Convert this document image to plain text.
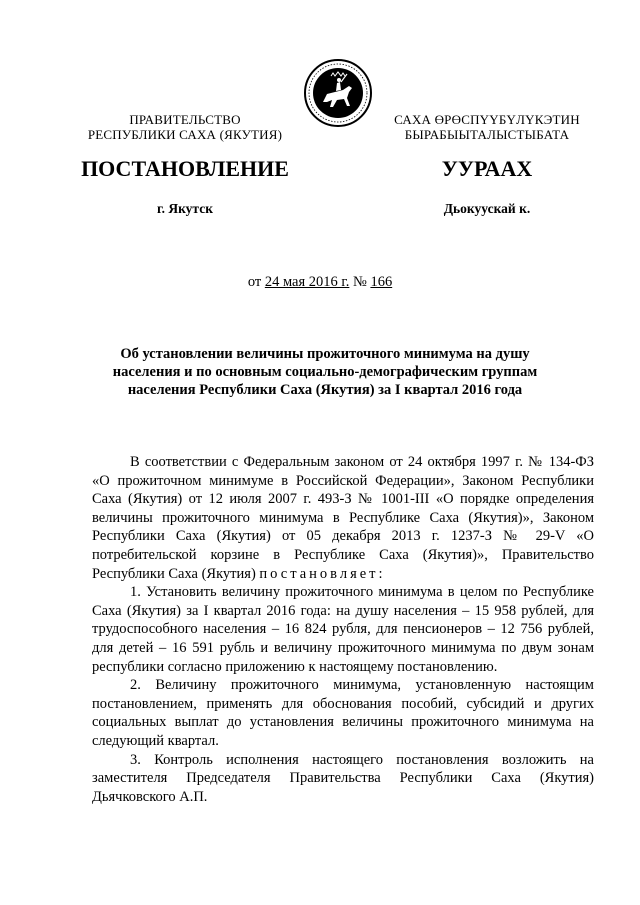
ПРАВИТЕЛЬСТВО
РЕСПУБЛИКИ САХА (ЯКУТИЯ)
САХА ӨРӨСПҮҮБҮЛҮКЭТИН
БЫРАБЫЫТАЛЫСТЫБАТА
ПОСТАНОВЛЕНИЕ	УУРААХ
г. Якутск	Дьокуускай к.
от 24 мая 2016 г. № 166
Об установлении величины прожиточного минимума на душу
населения и по основным социально-демографическим группам
населения Республики Саха (Якутия) за I квартал 2016 года

В соответствии с Федеральным законом от 24 октября 1997 г. № 134-ФЗ «О прожиточном минимуме в Российской Федерации», Законом Республики Саха (Якутия) от 12 июля 2007 г. 493-З № 1001-III «О порядке определения величины прожиточного минимума в Республике Саха (Якутия)», Законом Республики Саха (Якутия) от 05 декабря 2013 г. 1237-З № 29-V «О потребительской корзине в Республике Саха (Якутия)», Правительство Республики Саха (Якутия) постановляет:

1. Установить величину прожиточного минимума в целом по Республике Саха (Якутия) за I квартал 2016 года: на душу населения – 15 958 рублей, для трудоспособного населения – 16 824 рубля, для пенсионеров – 12 756 рублей, для детей – 16 591 рубль и величину прожиточного минимума по двум зонам республики согласно приложению к настоящему постановлению.

2. Величину прожиточного минимума, установленную настоящим постановлением, применять для обоснования пособий, субсидий и других социальных выплат до установления величины прожиточного минимума на следующий квартал.

3. Контроль исполнения настоящего постановления возложить на заместителя Председателя Правительства Республики Саха (Якутия) Дьячковского А.П.
